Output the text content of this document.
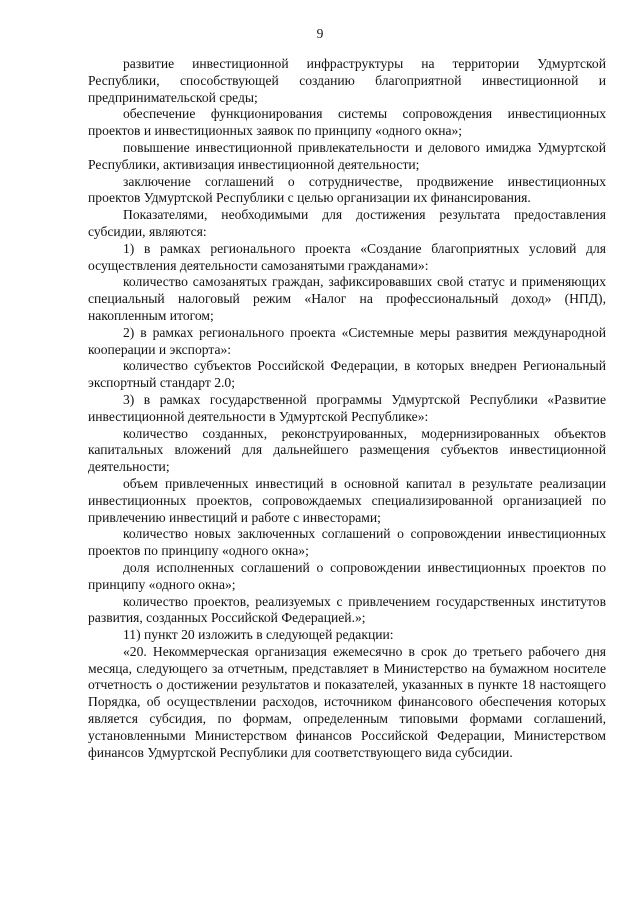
9

развитие инвестиционной инфраструктуры на территории Удмуртской Республики, способствующей созданию благоприятной инвестиционной и предпринимательской среды;

обеспечение функционирования системы сопровождения инвестиционных проектов и инвестиционных заявок по принципу «одного окна»;

повышение инвестиционной привлекательности и делового имиджа Удмуртской Республики, активизация инвестиционной деятельности;

заключение соглашений о сотрудничестве, продвижение инвестиционных проектов Удмуртской Республики с целью организации их финансирования.

Показателями, необходимыми для достижения результата предоставления субсидии, являются:

1) в рамках регионального проекта «Создание благоприятных условий для осуществления деятельности самозанятыми гражданами»:

количество самозанятых граждан, зафиксировавших свой статус и применяющих специальный налоговый режим «Налог на профессиональный доход» (НПД), накопленным итогом;

2) в рамках регионального проекта «Системные меры развития международной кооперации и экспорта»:

количество субъектов Российской Федерации, в которых внедрен Региональный экспортный стандарт 2.0;

3) в рамках государственной программы Удмуртской Республики «Развитие инвестиционной деятельности в Удмуртской Республике»:

количество созданных, реконструированных, модернизированных объектов капитальных вложений для дальнейшего размещения субъектов инвестиционной деятельности;

объем привлеченных инвестиций в основной капитал в результате реализации инвестиционных проектов, сопровождаемых специализированной организацией по привлечению инвестиций и работе с инвесторами;

количество новых заключенных соглашений о сопровождении инвестиционных проектов по принципу «одного окна»;

доля исполненных соглашений о сопровождении инвестиционных проектов по принципу «одного окна»;

количество проектов, реализуемых с привлечением государственных институтов развития, созданных Российской Федерацией.»;

11) пункт 20 изложить в следующей редакции:

«20. Некоммерческая организация ежемесячно в срок до третьего рабочего дня месяца, следующего за отчетным, представляет в Министерство на бумажном носителе отчетность о достижении результатов и показателей, указанных в пункте 18 настоящего Порядка, об осуществлении расходов, источником финансового обеспечения которых является субсидия, по формам, определенным типовыми формами соглашений, установленными Министерством финансов Российской Федерации, Министерством финансов Удмуртской Республики для соответствующего вида субсидии.
